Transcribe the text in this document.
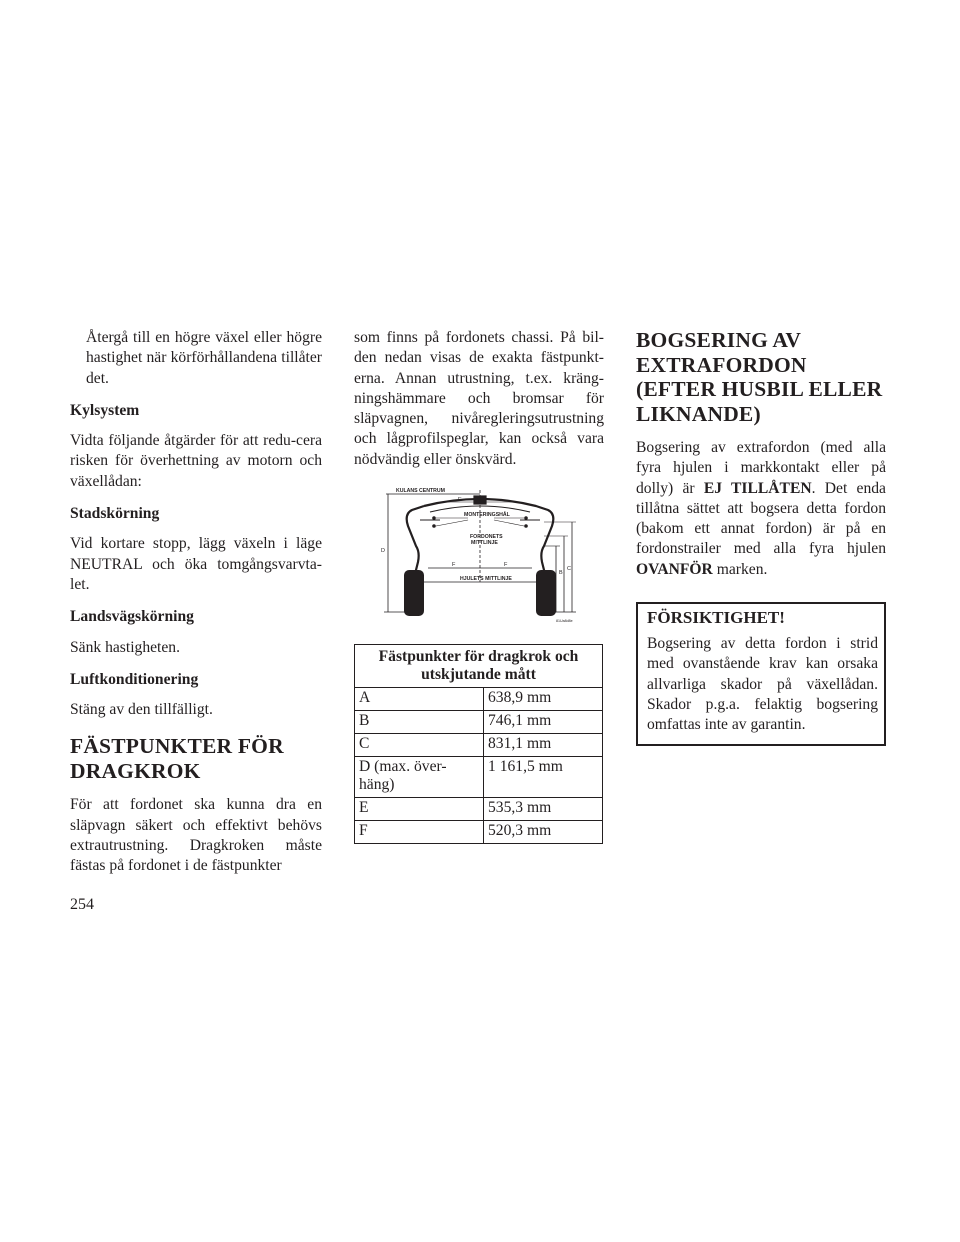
Återgå till en högre växel eller högre hastighet när körförhållandena tillåter det.

Kylsystem

Vidta följande åtgärder för att redu-cera risken för överhettning av motorn och växellådan:

Stadskörning

Vid kortare stopp, lägg växeln i läge NEUTRAL och öka tomgångsvarvta-let.

Landsvägskörning

Sänk hastigheten.

Luftkonditionering

Stäng av den tillfälligt.

FÄSTPUNKTER FÖR DRAGKROK

För att fordonet ska kunna dra en släpvagn säkert och effektivt behövs extrautrustning. Dragkroken måste fästas på fordonet i de fästpunkter

som finns på fordonets chassi. På bil-den nedan visas de exakta fästpunkt-erna. Annan utrustning, t.ex. kräng-ningshämmare och bromsar för släpvagnen, nivåregleringsutrustning och lågprofilspeglar, kan också vara nödvändig eller önskvärd.

KULANS CENTRUM
MONTERINGSHÅL
FORDONETS
MITTLINJE
HJULETS MITTLINJE	A
B
C
D
E
F	F
81Ua8d8e
Fästpunkter för dragkrok och utskjutande mått	
A	638,9 mm
B	746,1 mm
C	831,1 mm
D (max. över-häng)	1 161,5 mm
E	535,3 mm
F	520,3 mm
BOGSERING AV EXTRAFORDON (EFTER HUSBIL ELLER LIKNANDE)

Bogsering av extrafordon (med alla fyra hjulen i markkontakt eller på dolly) är EJ TILLÅTEN. Det enda tillåtna sättet att bogsera detta fordon (bakom ett annat fordon) är på en fordonstrailer med alla fyra hjulen OVANFÖR marken.

FÖRSIKTIGHET!

Bogsering av detta fordon i strid med ovanstående krav kan orsaka allvarliga skador på växellådan. Skador p.g.a. felaktig bogsering omfattas inte av garantin.

254
